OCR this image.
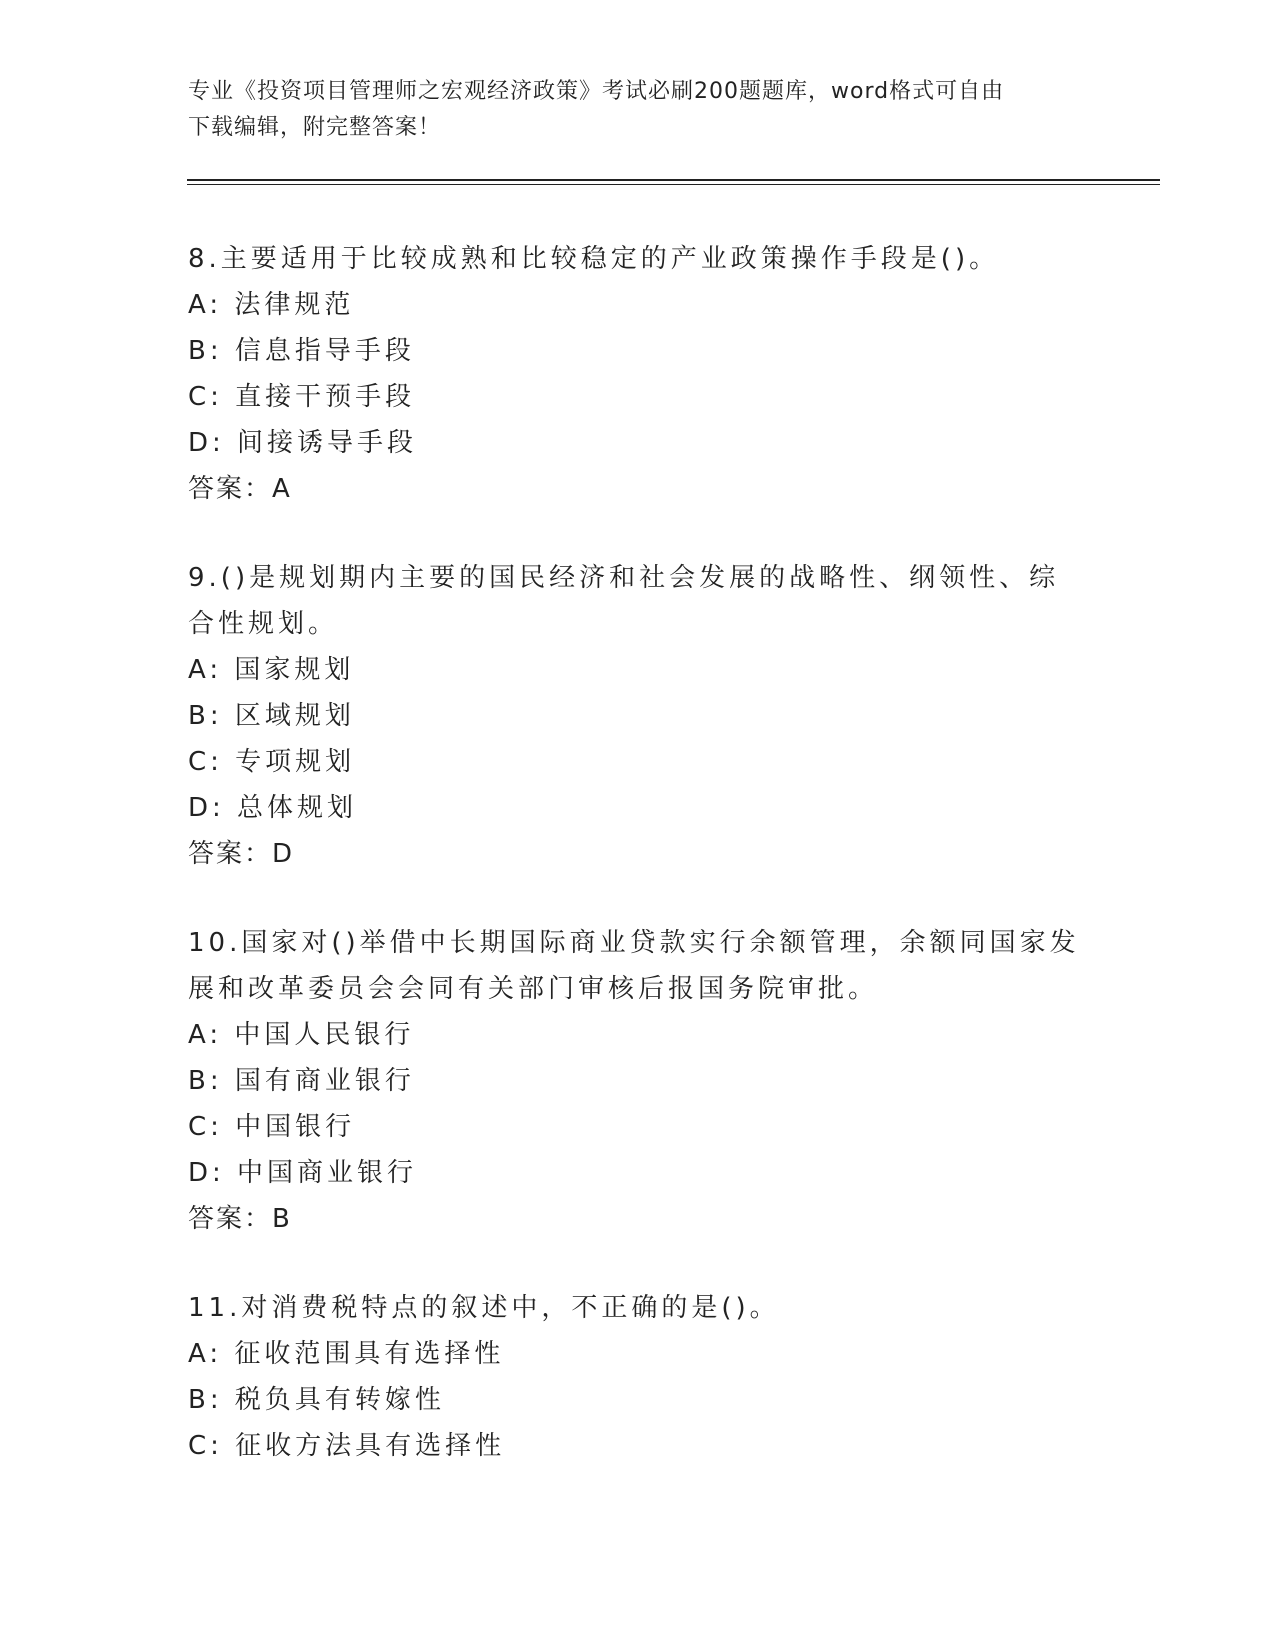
专业《投资项目管理师之宏观经济政策》考试必刷200题题库，word格式可自由
下载编辑，附完整答案！
8.主要适用于比较成熟和比较稳定的产业政策操作手段是()。
A: 法律规范
B: 信息指导手段
C: 直接干预手段
D: 间接诱导手段
答案：A
9.()是规划期内主要的国民经济和社会发展的战略性、纲领性、综合性规划。
A: 国家规划
B: 区域规划
C: 专项规划
D: 总体规划
答案：D
10.国家对()举借中长期国际商业贷款实行余额管理，余额同国家发展和改革委员会会同有关部门审核后报国务院审批。
A: 中国人民银行
B: 国有商业银行
C: 中国银行
D: 中国商业银行
答案：B
11.对消费税特点的叙述中，不正确的是()。
A: 征收范围具有选择性
B: 税负具有转嫁性
C: 征收方法具有选择性
